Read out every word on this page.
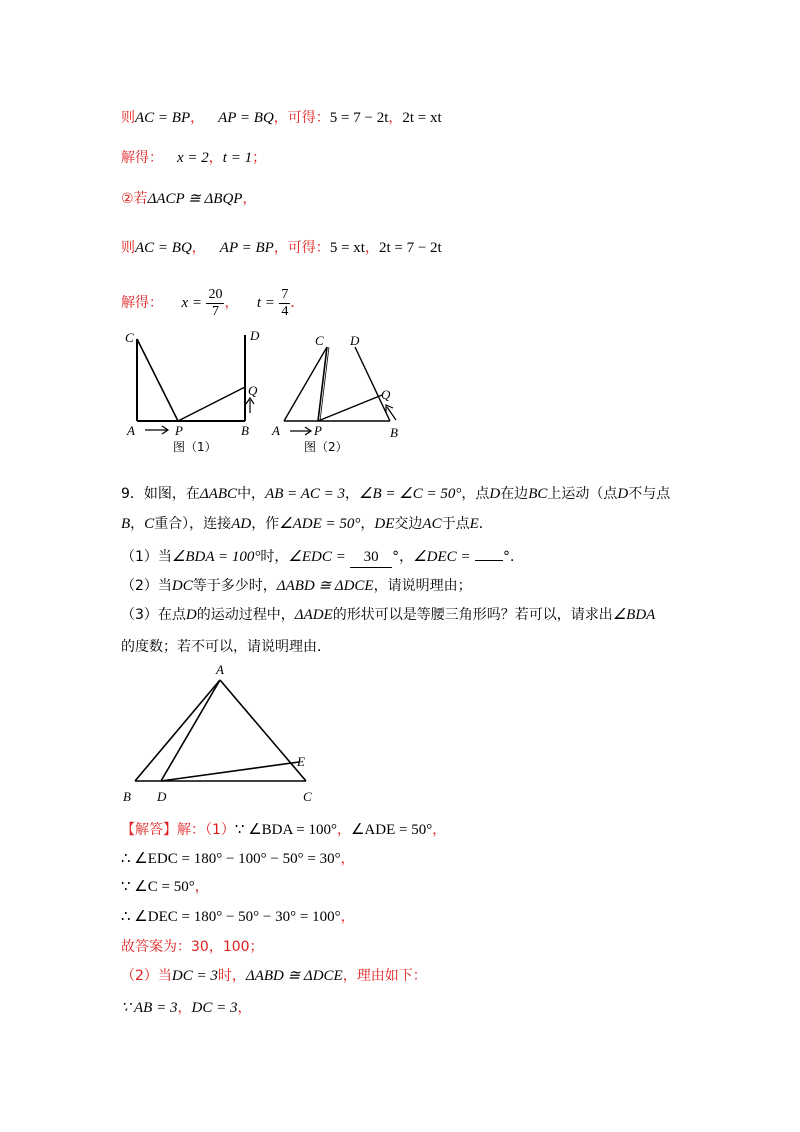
则AC = BP， AP = BQ，可得：5 = 7 − 2t，2t = xt
解得： x = 2，t = 1；
②若ΔACP ≅ ΔBQP，
则AC = BQ， AP = BP，可得：5 = xt，2t = 7 − 2t
解得： $x = \frac{20}{7}$ ， $t = \frac{7}{4}$ ．
C	D
Q
A	P	B
图（1）
C D
Q
A	P	B
图（2）
9．如图，在ΔABC中，AB = AC = 3，∠B = ∠C = 50°，点D在边BC上运动（点D不与点
B，C重合），连接AD，作∠ADE = 50°，DE交边AC于点E．
（1）当∠BDA = 100°时，∠EDC = 30 °，∠DEC = °．
（2）当DC等于多少时，ΔABD ≅ ΔDCE，请说明理由；
（3）在点D的运动过程中，ΔADE的形状可以是等腰三角形吗？若可以，请求出∠BDA
的度数；若不可以，请说明理由.
A
E
B D	C
【解答】解：（1）∵ ∠BDA = 100°，∠ADE = 50°，
∴ ∠EDC = 180° − 100° − 50° = 30°，
∵ ∠C = 50°，
∴ ∠DEC = 180° − 50° − 30° = 100°，
故答案为：30，100；
（2）当DC = 3时，ΔABD ≅ ΔDCE，理由如下：
∵ AB = 3，DC = 3，
